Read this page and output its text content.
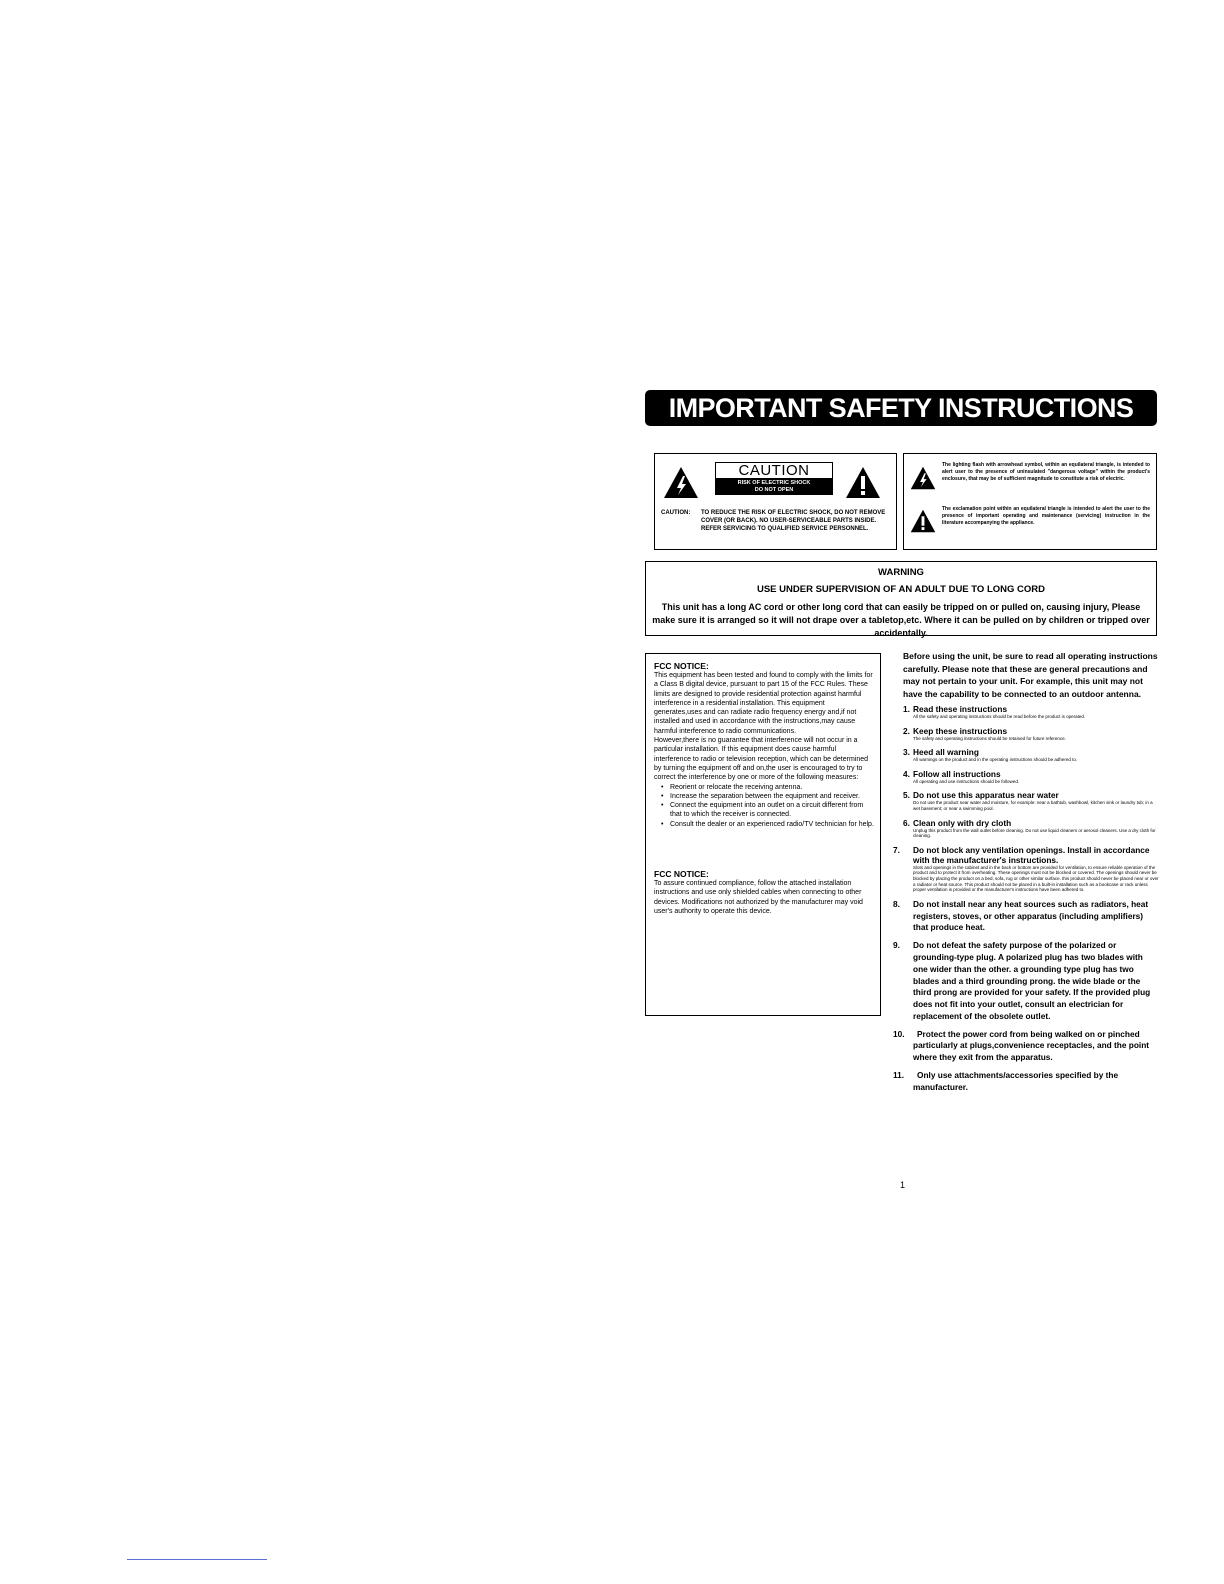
IMPORTANT SAFETY INSTRUCTIONS
CAUTION
RISK OF ELECTRIC SHOCK
DO NOT OPEN
CAUTION: TO REDUCE THE RISK OF ELECTRIC SHOCK, DO NOT REMOVE COVER (OR BACK). NO USER-SERVICEABLE PARTS INSIDE. REFER SERVICING TO QUALIFIED SERVICE PERSONNEL.
The lighting flash with arrowhead symbol, within an equilateral triangle, is intended to alert user to the presence of uninsulated "dangerous voltage" within the product's enclosure, that may be of sufficient magnitude to constitute a risk of electric.
The exclamation point within an equilateral triangle is intended to alert the user to the presence of important operating and maintenance (servicing) instruction in the literature accompanying the appliance.
WARNING
USE UNDER SUPERVISION OF AN ADULT DUE TO LONG CORD
This unit has a long AC cord or other long cord that can easily be tripped on or pulled on, causing injury, Please make sure it is arranged so it will not drape over a tabletop,etc. Where it can be pulled on by children or tripped over accidentally.
FCC NOTICE:
This equipment has been tested and found to comply with the limits for a Class B digital device, pursuant to part 15 of the FCC Rules. These limits are designed to provide residential protection against harmful interference in a residential installation. This equipment generates,uses and can radiate radio frequency energy and,if not installed and used in accordance with the instructions,may cause harmful interference to radio communications.
However,there is no guarantee that interference will not occur in a particular installation. If this equipment does cause harmful interference to radio or television reception, which can be determined by turning the equipment off and on,the user is encouraged to try to correct the interference by one or more of the following measures:
• Reorient or relocate the receiving antenna.
• Increase the separation between the equipment and receiver.
• Connect the equipment into an outlet on a circuit different from that to which the receiver is connected.
• Consult the dealer or an experienced radio/TV technician for help.
FCC NOTICE:
To assure continued compliance, follow the attached installation instructions and use only shielded cables when connecting to other devices. Modifications not authorized by the manufacturer may void user's authority to operate this device.
Before using the unit, be sure to read all operating instructions carefully. Please note that these are general precautions and may not pertain to your unit. For example, this unit may not have the capability to be connected to an outdoor antenna.
1. Read these instructions
All the safety and operating instructions should be read before the product is operated.
2. Keep these instructions
The safety and operating instructions should be retained for future reference.
3. Heed all warning
All warnings on the product and in the operating instructions should be adhered to.
4. Follow all instructions
All operating and use instructions should be followed.
5. Do not use this apparatus near water
Do not use the product near water and moisture, for example: near a bathtub, washbowl, kitchen sink or laundry tub; in a wet basement; or near a swimming pool.
6. Clean only with dry cloth
Unplug this product from the wall outlet before cleaning. Do not use liquid cleaners or aerosol cleaners. Use a dry cloth for cleaning.
7. Do not block any ventilation openings. Install in accordance with the manufacturer's instructions.
Slots and openings in the cabinet and in the back or bottom are provided for ventilation, to ensure reliable operation of the product and to protect it from overheating. These openings must not be blocked or covered. The openings should never be blocked by placing the product on a bed, sofa, rug or other similar surface. this product should never be placed near or over a radiator or heat source. This product should not be placed in a built-in installation such as a bookcase or rack unless proper ventilation is provided or the manufacturer's instructions have been adhered to.
8. Do not install near any heat sources such as radiators, heat registers, stoves, or other apparatus (including amplifiers) that produce heat.
9. Do not defeat the safety purpose of the polarized or grounding-type plug. A polarized plug has two blades with one wider than the other. a grounding type plug has two blades and a third grounding prong. the wide blade or the third prong are provided for your safety. If the provided plug does not fit into your outlet, consult an electrician for replacement of the obsolete outlet.
10. Protect the power cord from being walked on or pinched particularly at plugs,convenience receptacles, and the point where they exit from the apparatus.
11. Only use attachments/accessories specified by the manufacturer.
1
